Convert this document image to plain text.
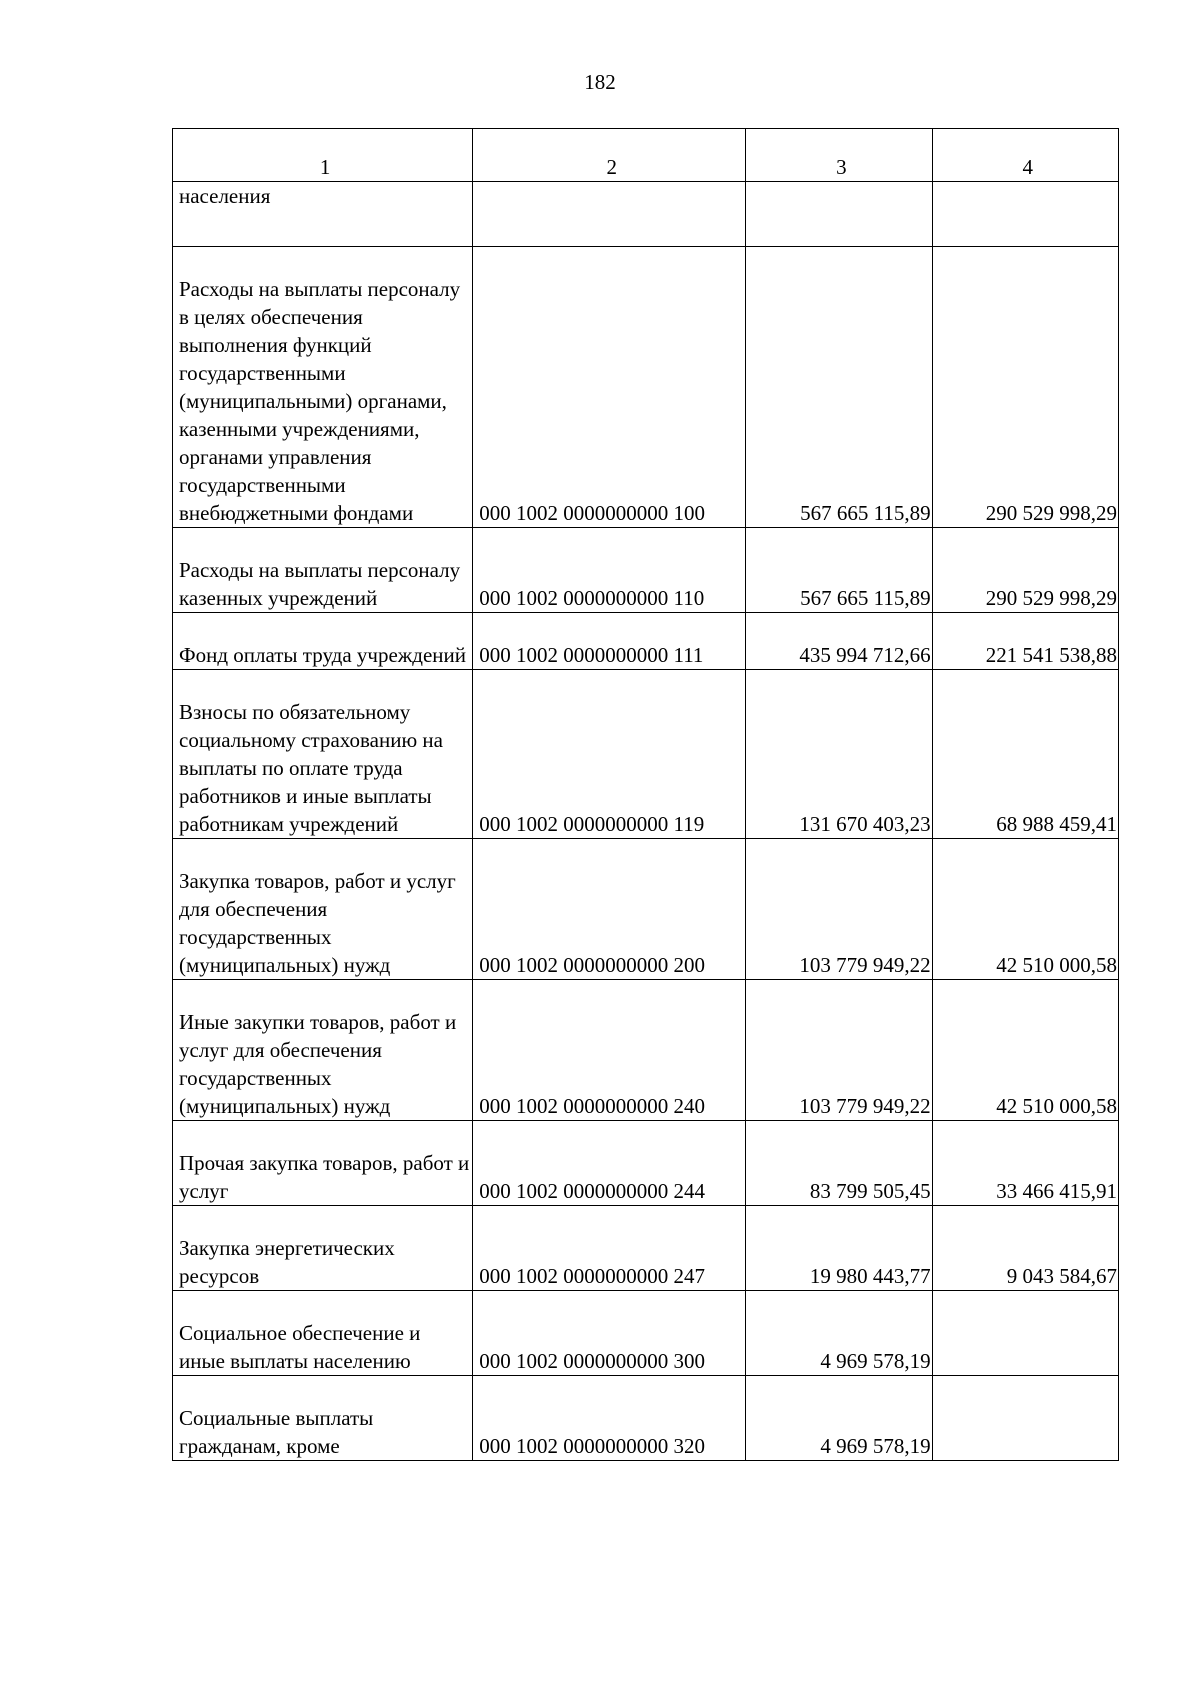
182
1	2	3	4
населения			
Расходы на выплаты персоналу в целях обеспечения выполнения функций государственными (муниципальными) органами, казенными учреждениями, органами управления государственными внебюджетными фондами	000 1002 0000000000 100	567 665 115,89	290 529 998,29
Расходы на выплаты персоналу казенных учреждений	000 1002 0000000000 110	567 665 115,89	290 529 998,29
Фонд оплаты труда учреждений	000 1002 0000000000 111	435 994 712,66	221 541 538,88
Взносы по обязательному социальному страхованию на выплаты по оплате труда работников и иные выплаты работникам учреждений	000 1002 0000000000 119	131 670 403,23	68 988 459,41
Закупка товаров, работ и услуг для обеспечения государственных (муниципальных) нужд	000 1002 0000000000 200	103 779 949,22	42 510 000,58
Иные закупки товаров, работ и услуг для обеспечения государственных (муниципальных) нужд	000 1002 0000000000 240	103 779 949,22	42 510 000,58
Прочая закупка товаров, работ и услуг	000 1002 0000000000 244	83 799 505,45	33 466 415,91
Закупка энергетических ресурсов	000 1002 0000000000 247	19 980 443,77	9 043 584,67
Социальное обеспечение и иные выплаты населению	000 1002 0000000000 300	4 969 578,19	
Социальные выплаты гражданам, кроме	000 1002 0000000000 320	4 969 578,19	
